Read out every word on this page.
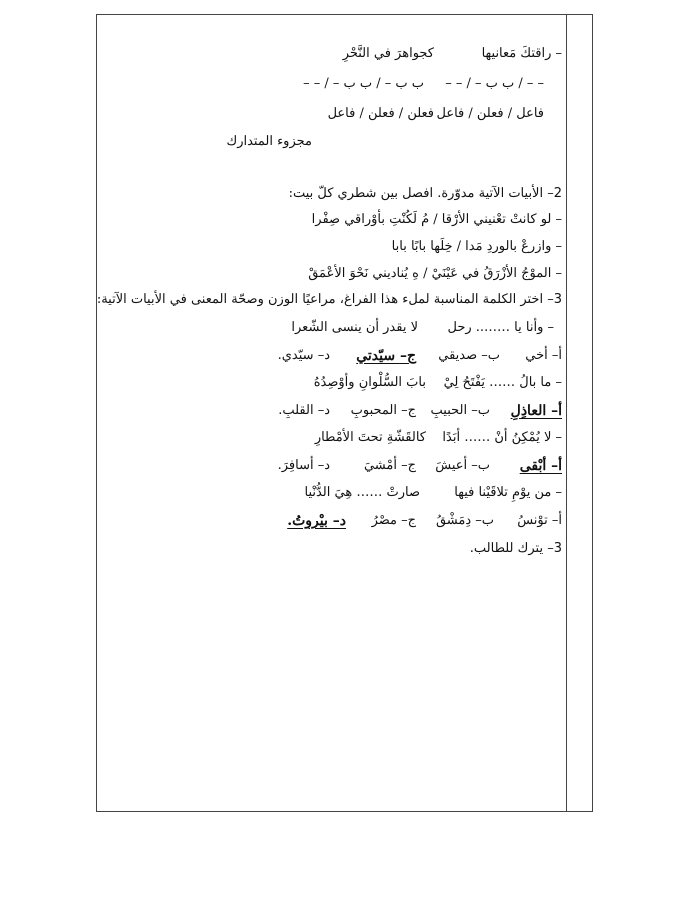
– راقتكَ مَعانيها
كجواهرَ في النَّحْرِ
– – / ب ب – / – –
ب ب – / ب ب – / – –
فاعل / فعلن / فاعل
فعلن / فعلن / فاعل
مجزوء المتدارك
2– الأبيات الآتية مدوّرة. افصل بين شطري كلّ بيت:
– لو كانتْ تعْنيني الأرْقا / مُ لَكُنْتِ بأوْراقي صِفْرا
– وازرعْ بالوردِ مَدا / خِلَها بابًا بابا
– الموْجُ الأزْرَقُ في عَيْنَيْ / هِ يُناديني نَحْوَ الأعْمَقْ
3– اختر الكلمة المناسبة لملء هذا الفراغ، مراعيًا الوزن وصحّة المعنى في الأبيات الآتية:
– وأنا يا …….. رحل
لا يقدر أن ينسى الشّعرا
أ– أخي
ب– صديقي
ج– سيّدتي
د– سيّدي.
– ما بالُ …… يَفْتَحُ لِيْ
بابَ السُّلْوانِ وأوْصِدُهُ
أ– العاذِلِ
ب– الحبيبِ
ج– المحبوبِ
د– القلبِ.
– لا يُمْكِنُ أنْ …… أبَدًا
كالقَشّةِ تحتَ الأمْطارِ
أ– أبْقى
ب– أعيشَ
ج– أمْشيَ
د– أسافِرَ.
– من يوْمِ تلاقَيْنا فيها
صارتْ …… هِيَ الدُّنْيا
أ– توْنسُ
ب– دِمَشْقُ
ج– مصْرُ
د– بيْروتُ.
3– يترك للطالب.
